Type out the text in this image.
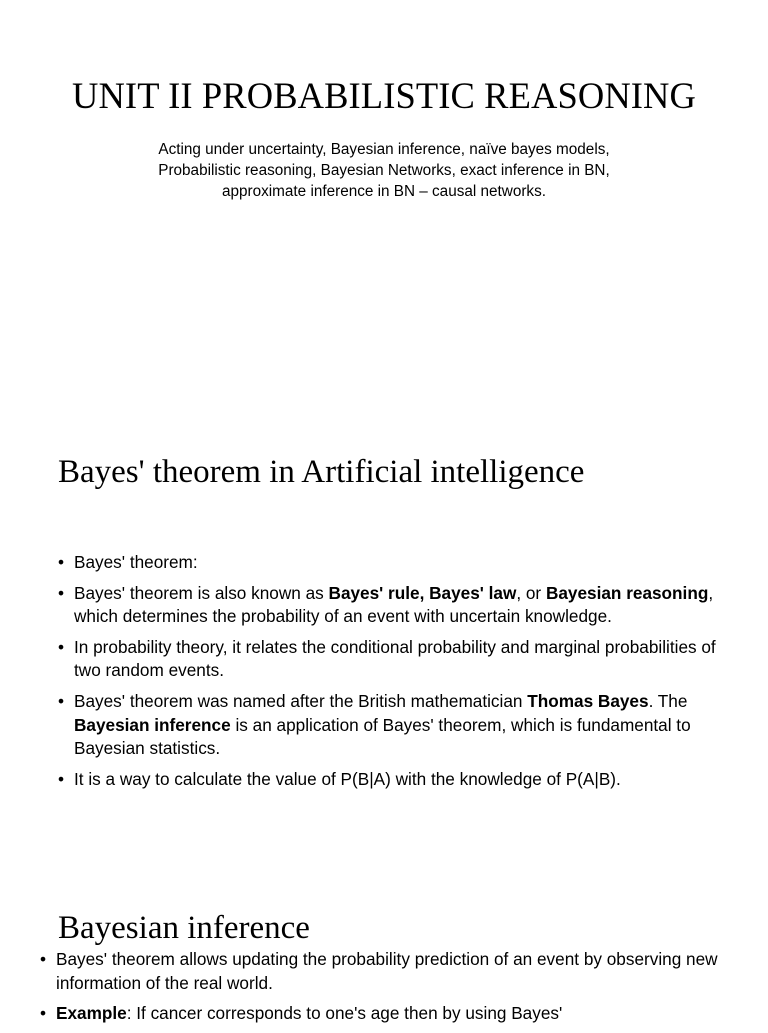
UNIT II PROBABILISTIC REASONING

Acting under uncertainty, Bayesian inference, naïve bayes models,
Probabilistic reasoning, Bayesian Networks, exact inference in BN,
approximate inference in BN – causal networks.

Bayes' theorem in Artificial intelligence
• Bayes' theorem:
• Bayes' theorem is also known as Bayes' rule, Bayes' law, or Bayesian reasoning, which determines the probability of an event with uncertain knowledge.
• In probability theory, it relates the conditional probability and marginal probabilities of two random events.
• Bayes' theorem was named after the British mathematician Thomas Bayes. The Bayesian inference is an application of Bayes' theorem, which is fundamental to Bayesian statistics.
• It is a way to calculate the value of P(B|A) with the knowledge of P(A|B).
Bayesian inference
• Bayes' theorem allows updating the probability prediction of an event by observing new information of the real world.
• Example: If cancer corresponds to one's age then by using Bayes'
